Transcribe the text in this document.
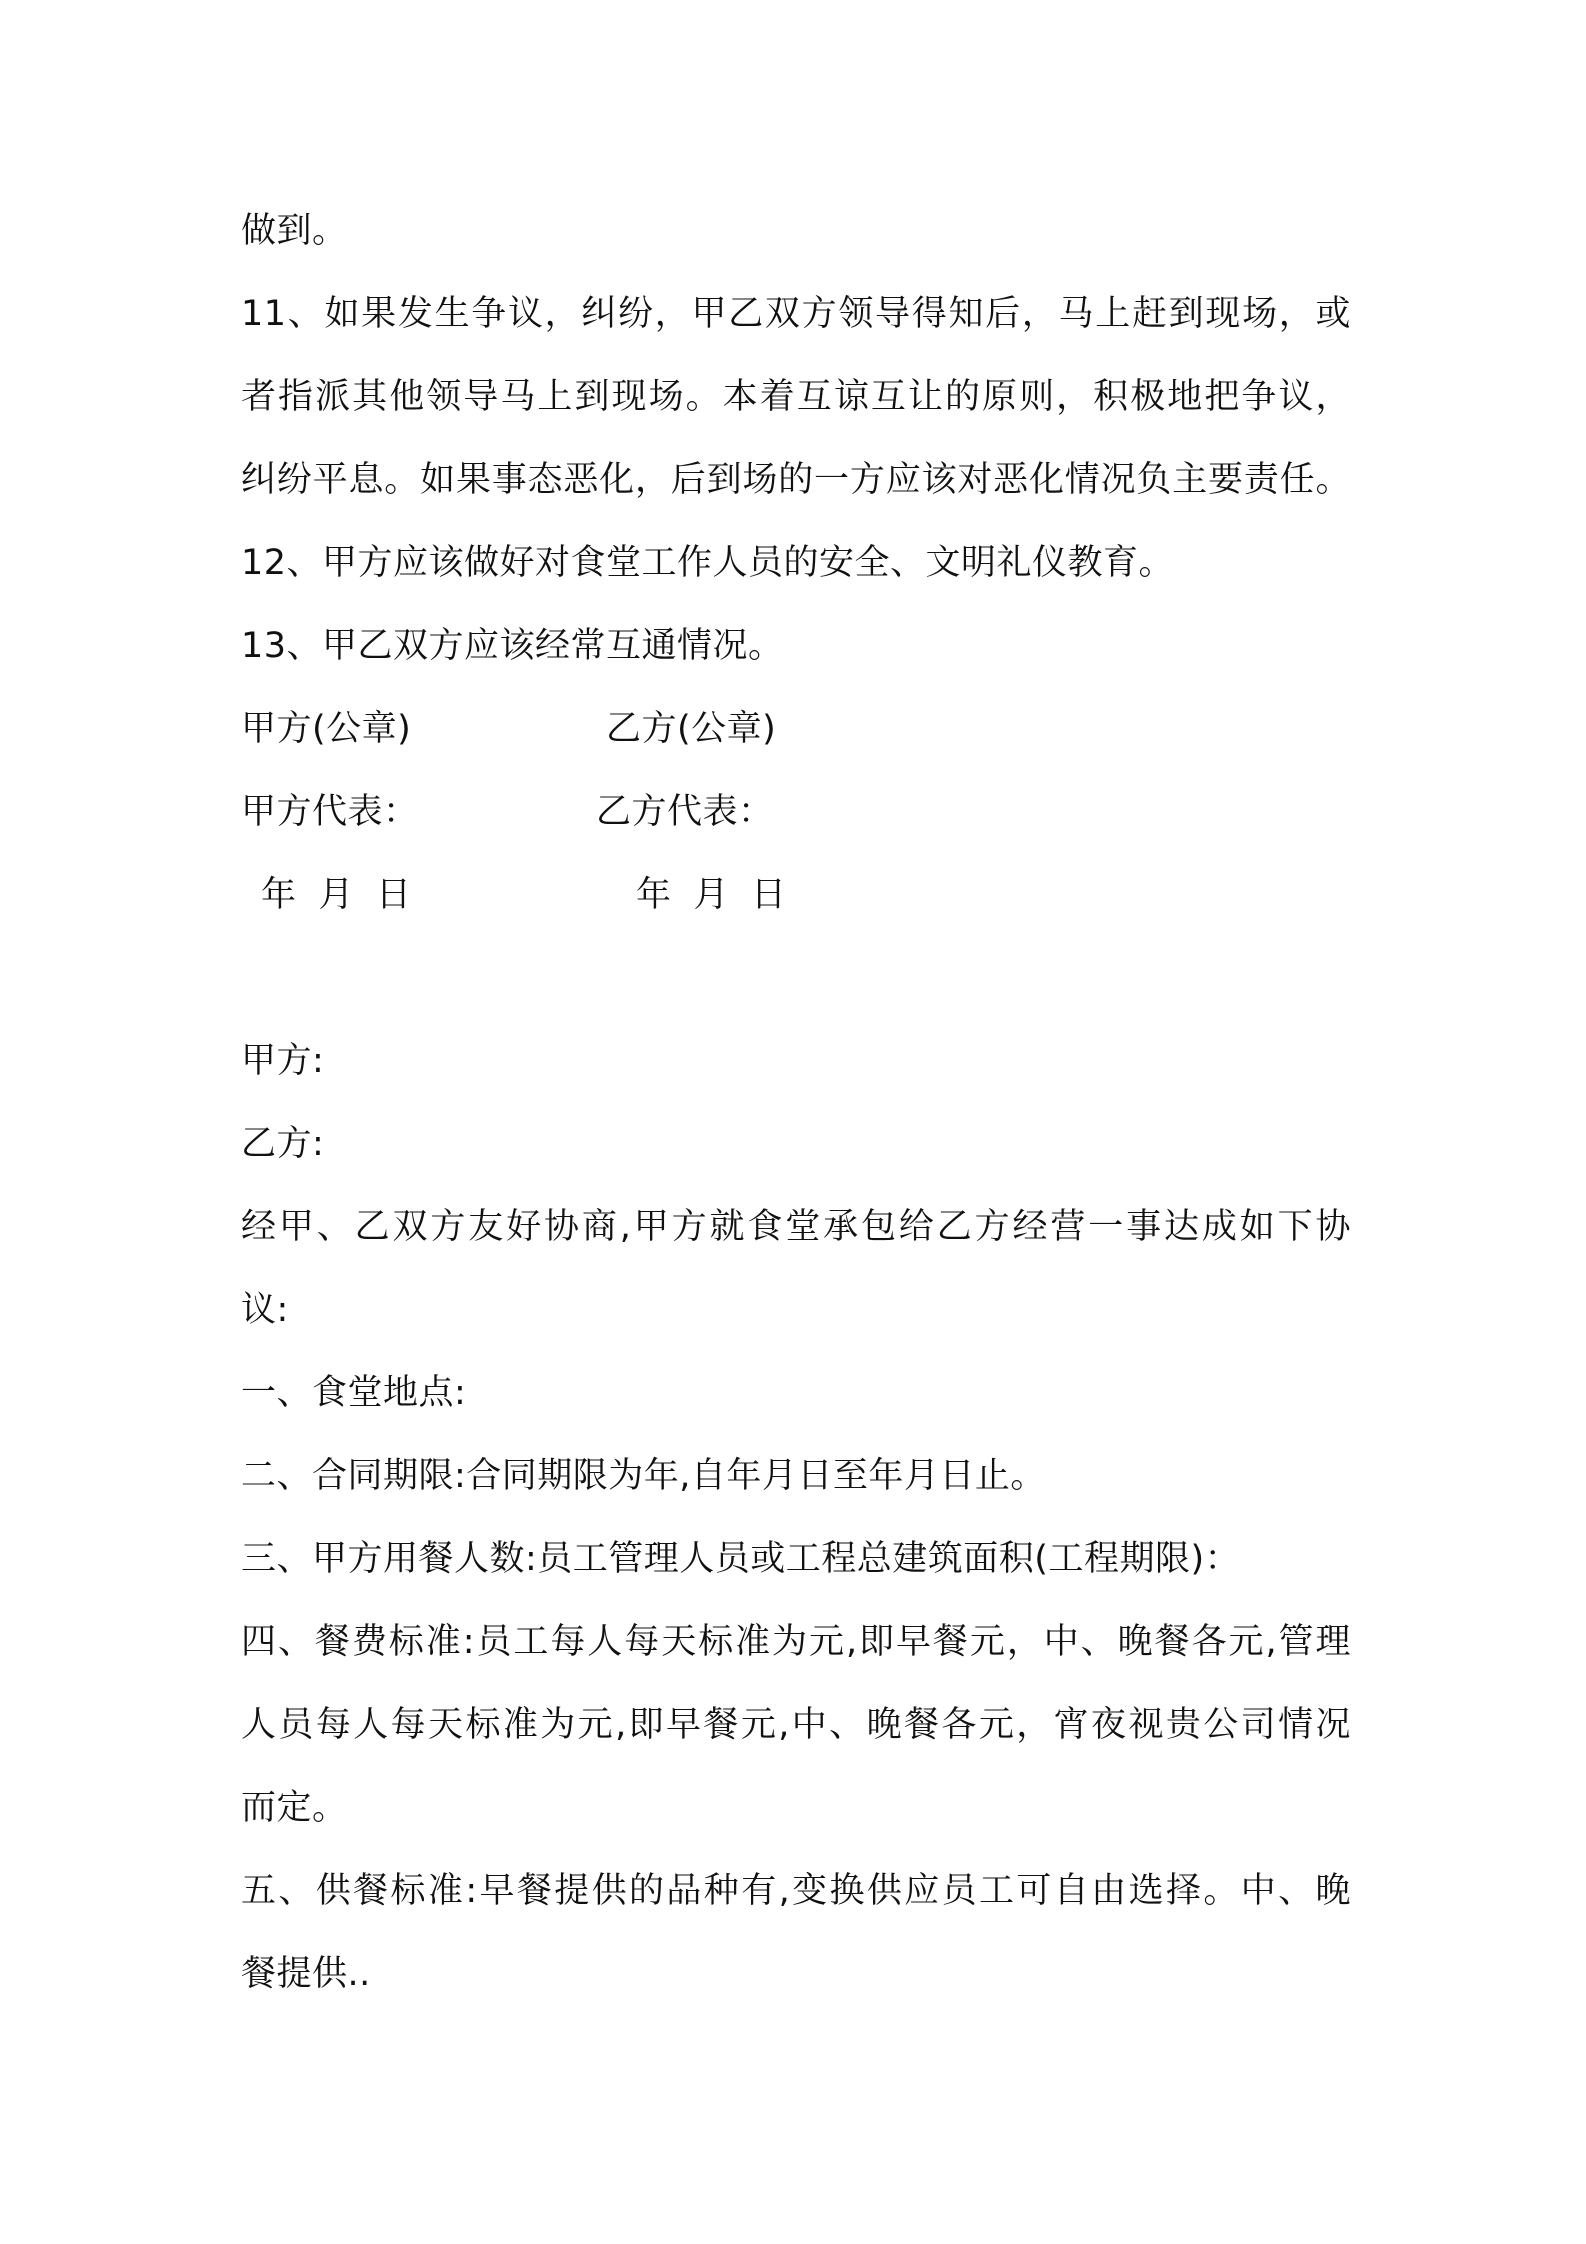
做到。
11、如果发生争议，纠纷，甲乙双方领导得知后，马上赶到现场，或
者指派其他领导马上到现场。本着互谅互让的原则，积极地把争议，
纠纷平息。如果事态恶化，后到场的一方应该对恶化情况负主要责任。
12、甲方应该做好对食堂工作人员的安全、文明礼仪教育。
13、甲乙双方应该经常互通情况。
甲方(公章)	乙方(公章)
甲方代表：	乙方代表：
年 月 日	年 月 日
甲方:
乙方:
经甲、乙双方友好协商,甲方就食堂承包给乙方经营一事达成如下协
议:
一、食堂地点:
二、合同期限:合同期限为年,自年月日至年月日止。
三、甲方用餐人数:员工管理人员或工程总建筑面积(工程期限)：
四、餐费标准:员工每人每天标准为元,即早餐元，中、晚餐各元,管理
人员每人每天标准为元,即早餐元,中、晚餐各元，宵夜视贵公司情况
而定。
五、供餐标准:早餐提供的品种有,变换供应员工可自由选择。中、晚
餐提供..
